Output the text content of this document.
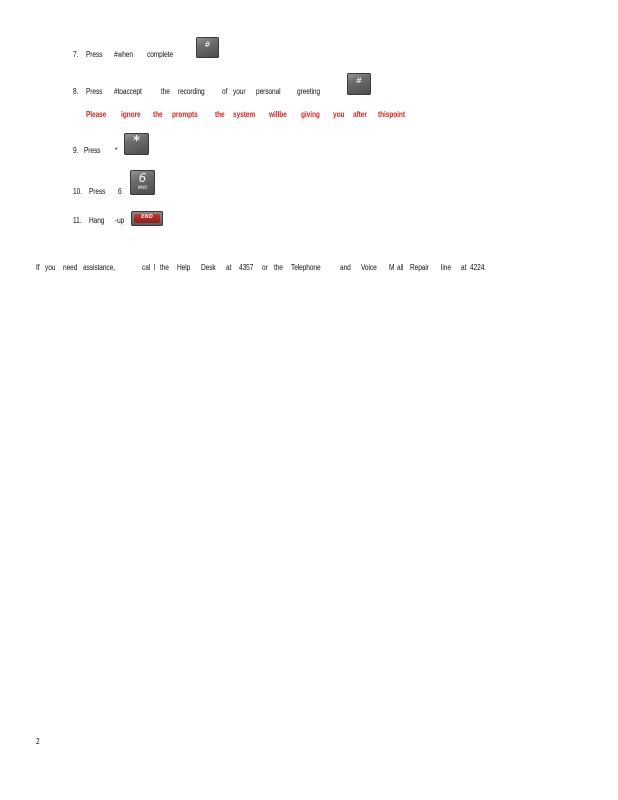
7. Press #when complete
#
8. Press #toaccept the recording of your personal greeting
#
Please ignore the prompts the system willbe giving you after thispoint
9. Press *
*
10. Press 6
6
MNO
11. Hang -up	END
If you need assistance,	cal l the Help Desk at 4357 or the Telephone and Voice M ail Repair line at 4224.
2
